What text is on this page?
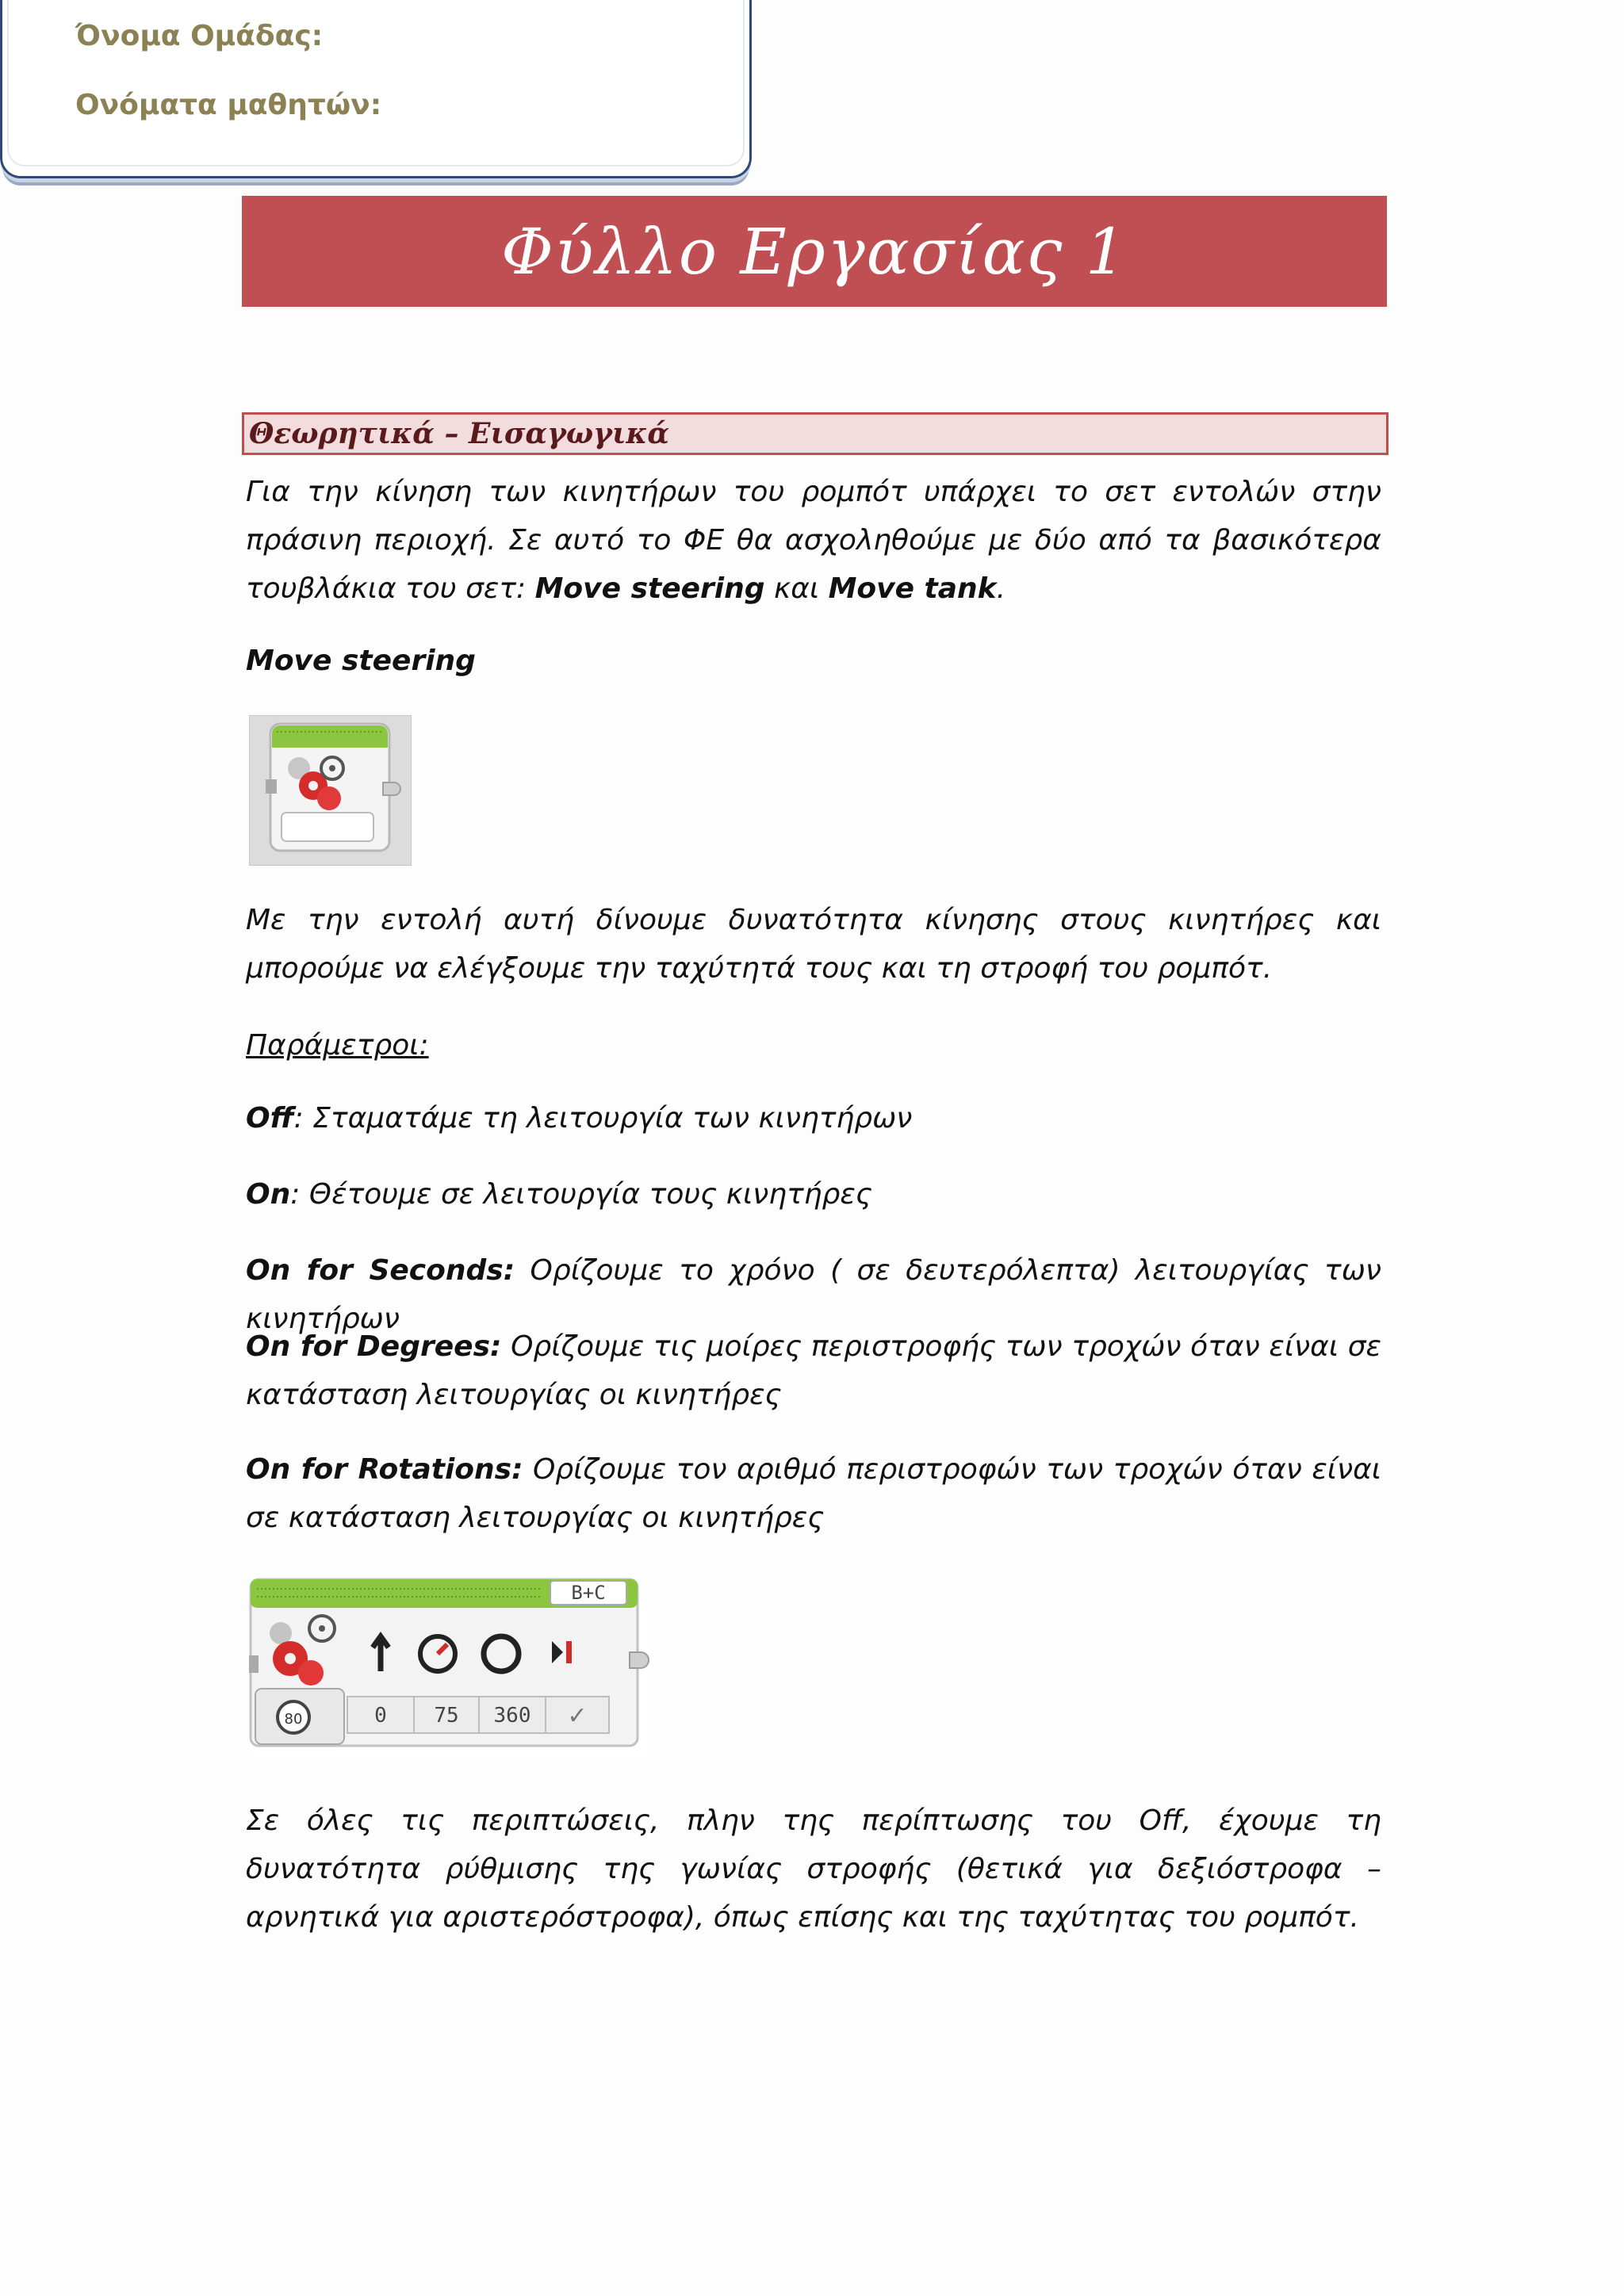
Όνομα Ομάδας:
Ονόματα μαθητών:
Φύλλο Εργασίας 1
Θεωρητικά – Εισαγωγικά
Για την κίνηση των κινητήρων του ρομπότ υπάρχει το σετ εντολών στην πράσινη περιοχή. Σε αυτό το ΦΕ θα ασχοληθούμε με δύο από τα βασικότερα τουβλάκια του σετ: Move steering και Move tank.
Move steering
Με την εντολή αυτή δίνουμε δυνατότητα κίνησης στους κινητήρες και μπορούμε να ελέγξουμε την ταχύτητά τους και τη στροφή του ρομπότ.
Παράμετροι:
Off: Σταματάμε τη λειτουργία των κινητήρων
On: Θέτουμε σε λειτουργία τους κινητήρες
On for Seconds: Ορίζουμε το χρόνο ( σε δευτερόλεπτα) λειτουργίας των κινητήρων
On for Degrees: Ορίζουμε τις μοίρες περιστροφής των τροχών όταν είναι σε κατάσταση λειτουργίας οι κινητήρες
On for Rotations: Ορίζουμε τον αριθμό περιστροφών των τροχών όταν είναι σε κατάσταση λειτουργίας οι κινητήρες
B+C
80	0 75 360 ✓
Σε όλες τις περιπτώσεις, πλην της περίπτωσης του Off, έχουμε τη δυνατότητα ρύθμισης της γωνίας στροφής (θετικά για δεξιόστροφα – αρνητικά για αριστερόστροφα), όπως επίσης και της ταχύτητας του ρομπότ.
